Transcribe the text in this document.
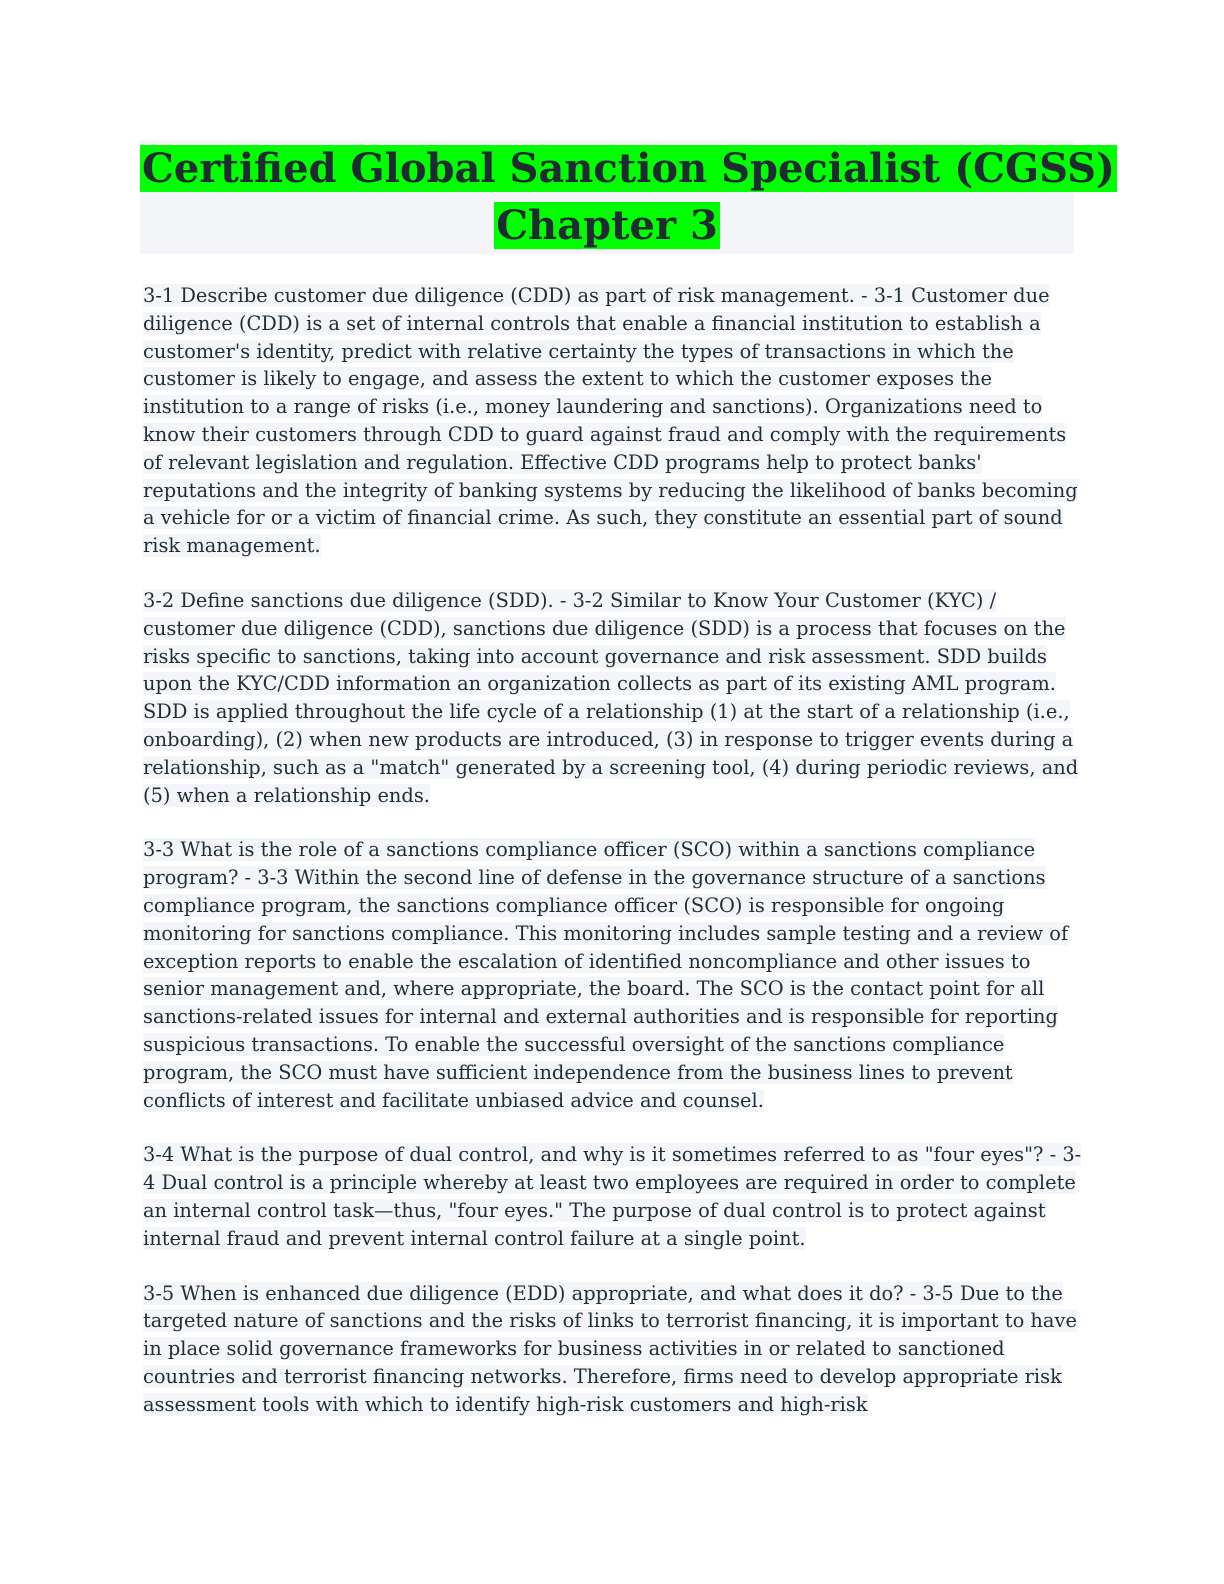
Certified Global Sanction Specialist (CGSS)
Chapter 3

3-1 Describe customer due diligence (CDD) as part of risk management. - 3-1 Customer due diligence (CDD) is a set of internal controls that enable a financial institution to establish a customer's identity, predict with relative certainty the types of transactions in which the customer is likely to engage, and assess the extent to which the customer exposes the institution to a range of risks (i.e., money laundering and sanctions). Organizations need to know their customers through CDD to guard against fraud and comply with the requirements of relevant legislation and regulation. Effective CDD programs help to protect banks' reputations and the integrity of banking systems by reducing the likelihood of banks becoming a vehicle for or a victim of financial crime. As such, they constitute an essential part of sound risk management.

3-2 Define sanctions due diligence (SDD). - 3-2 Similar to Know Your Customer (KYC) / customer due diligence (CDD), sanctions due diligence (SDD) is a process that focuses on the risks specific to sanctions, taking into account governance and risk assessment. SDD builds upon the KYC/CDD information an organization collects as part of its existing AML program. SDD is applied throughout the life cycle of a relationship (1) at the start of a relationship (i.e., onboarding), (2) when new products are introduced, (3) in response to trigger events during a relationship, such as a "match" generated by a screening tool, (4) during periodic reviews, and (5) when a relationship ends.

3-3 What is the role of a sanctions compliance officer (SCO) within a sanctions compliance program? - 3-3 Within the second line of defense in the governance structure of a sanctions compliance program, the sanctions compliance officer (SCO) is responsible for ongoing monitoring for sanctions compliance. This monitoring includes sample testing and a review of exception reports to enable the escalation of identified noncompliance and other issues to senior management and, where appropriate, the board. The SCO is the contact point for all sanctions-related issues for internal and external authorities and is responsible for reporting suspicious transactions. To enable the successful oversight of the sanctions compliance program, the SCO must have sufficient independence from the business lines to prevent conflicts of interest and facilitate unbiased advice and counsel.

3-4 What is the purpose of dual control, and why is it sometimes referred to as "four eyes"? - 3-4 Dual control is a principle whereby at least two employees are required in order to complete an internal control task—thus, "four eyes." The purpose of dual control is to protect against internal fraud and prevent internal control failure at a single point.

3-5 When is enhanced due diligence (EDD) appropriate, and what does it do? - 3-5 Due to the targeted nature of sanctions and the risks of links to terrorist financing, it is important to have in place solid governance frameworks for business activities in or related to sanctioned countries and terrorist financing networks. Therefore, firms need to develop appropriate risk assessment tools with which to identify high-risk customers and high-risk
